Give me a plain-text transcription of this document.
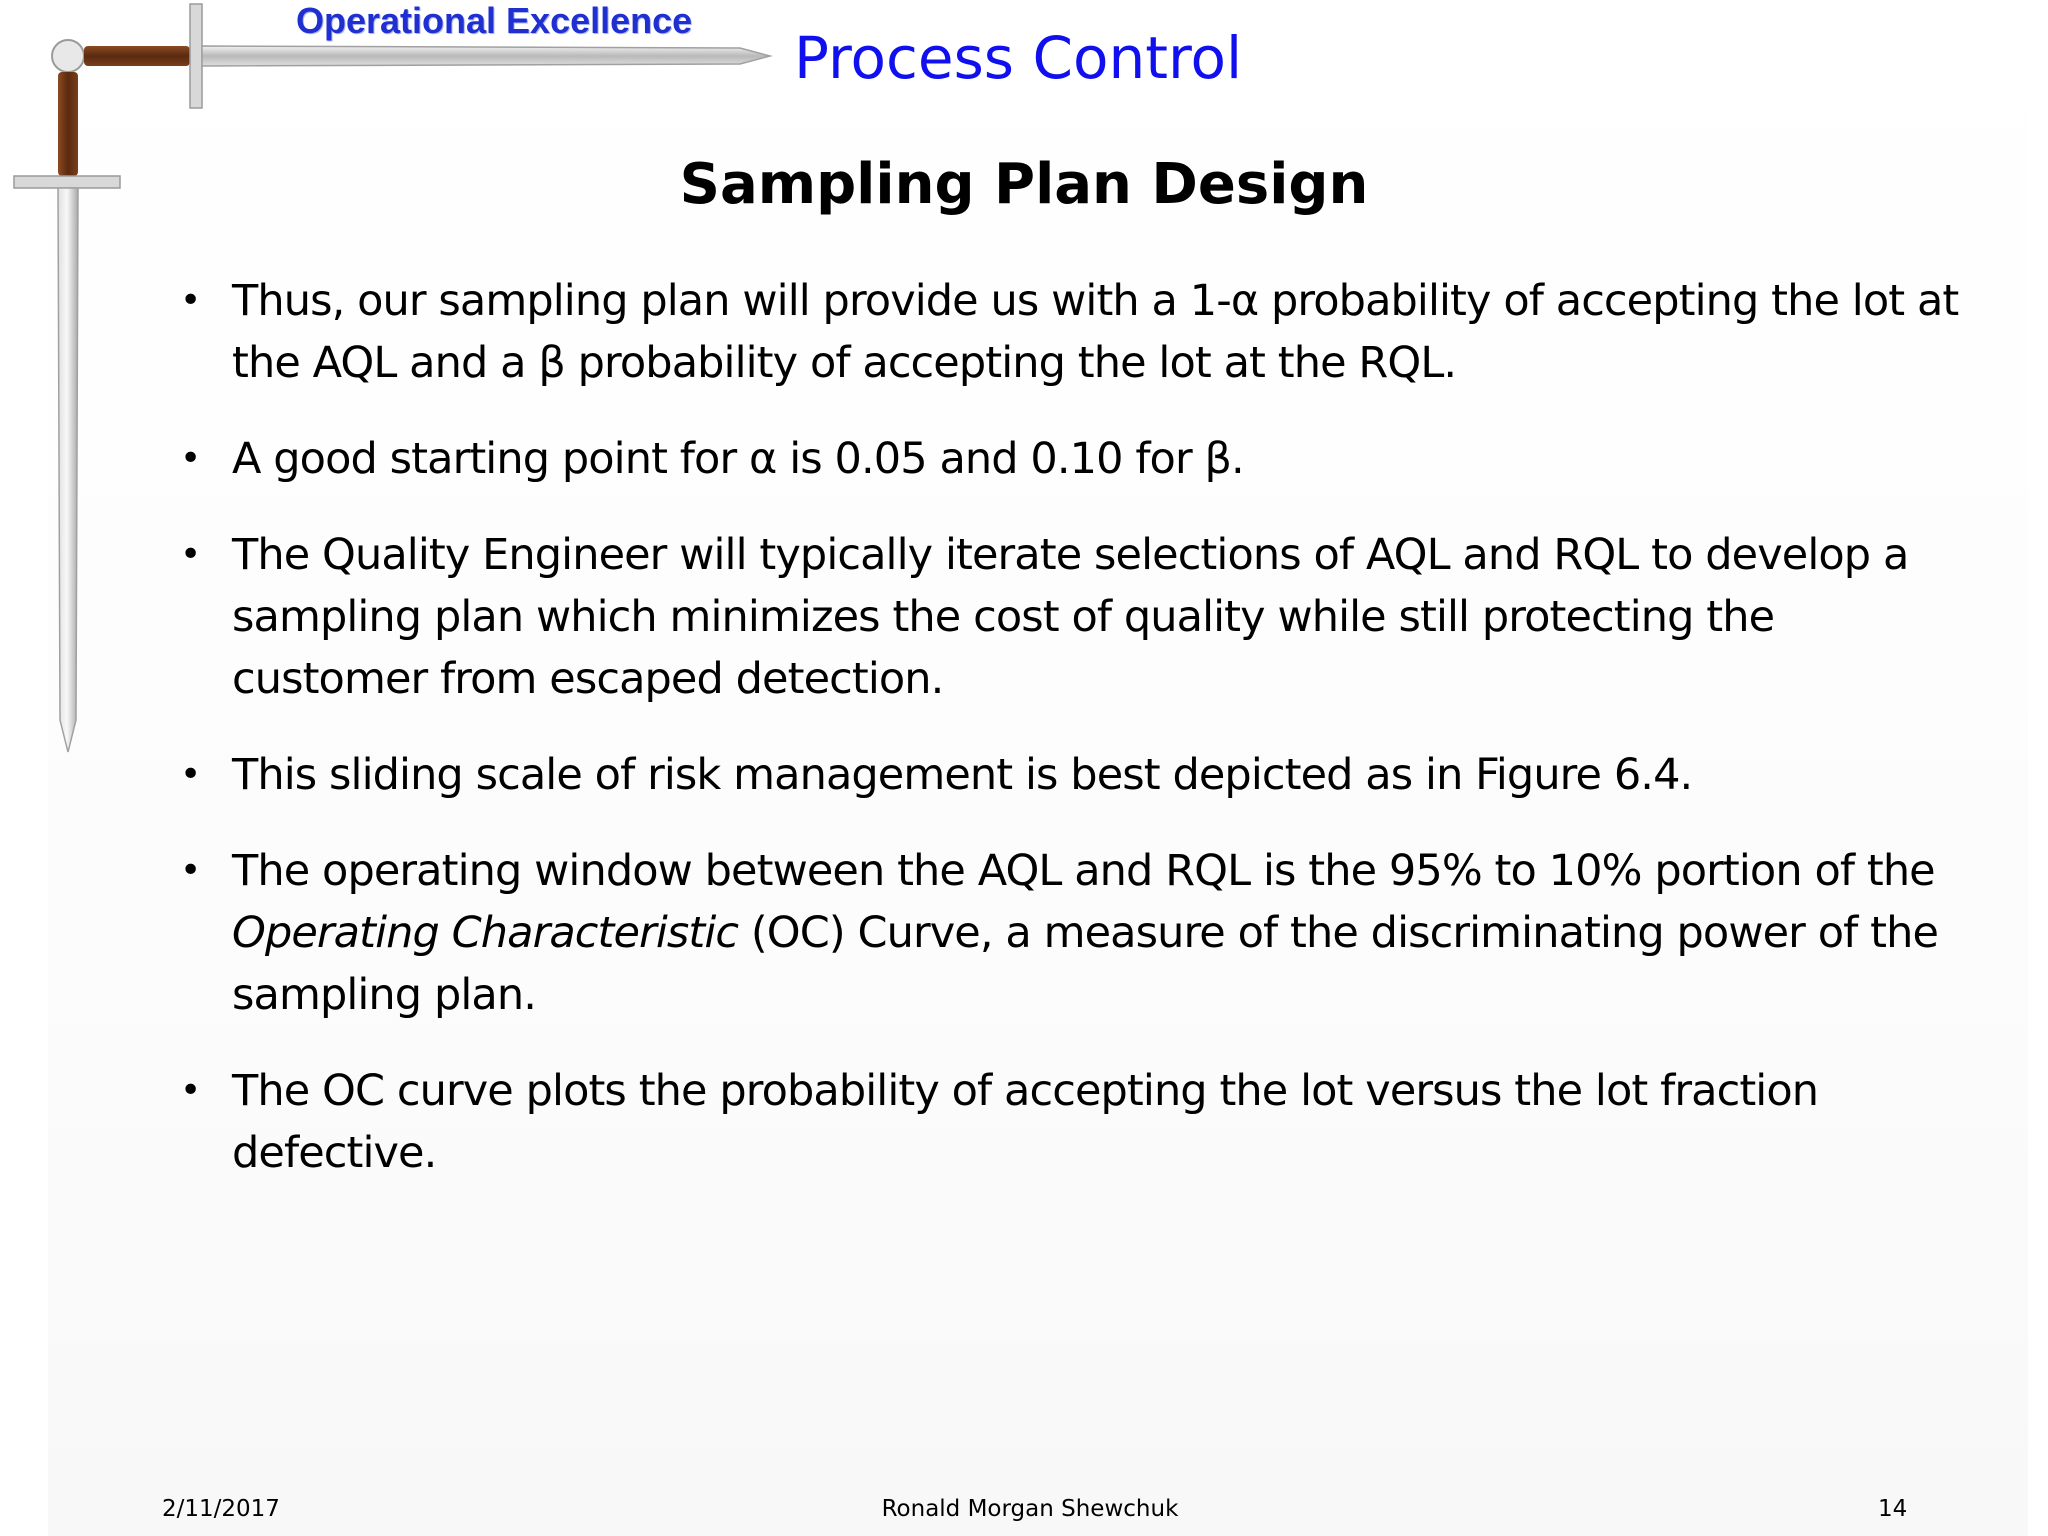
Operational Excellence
Process Control
Sampling Plan Design
• Thus, our sampling plan will provide us with a 1-α probability of accepting the lot at the AQL and a β probability of accepting the lot at the RQL.
• A good starting point for α is 0.05 and 0.10 for β.
• The Quality Engineer will typically iterate selections of AQL and RQL to develop a sampling plan which minimizes the cost of quality while still protecting the customer from escaped detection.
• This sliding scale of risk management is best depicted as in Figure 6.4.
• The operating window between the AQL and RQL is the 95% to 10% portion of the Operating Characteristic (OC) Curve, a measure of the discriminating power of the sampling plan.
• The OC curve plots the probability of accepting the lot versus the lot fraction defective.
2/11/2017	Ronald Morgan Shewchuk	14
